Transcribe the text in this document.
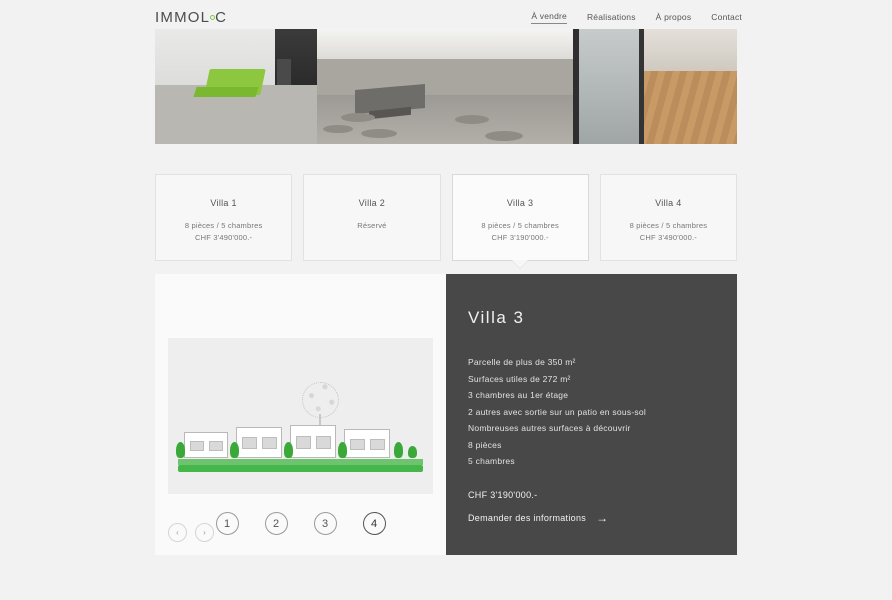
IMMOL C	À vendre Réalisations À propos Contact
Villa 1
8 pièces / 5 chambres
CHF 3'490'000.-
Villa 2
Réservé
Villa 3
8 pièces / 5 chambres
CHF 3'190'000.-
Villa 4
8 pièces / 5 chambres
CHF 3'490'000.-
1	2	3	4
‹	›
Villa 3
Parcelle de plus de 350 m²
Surfaces utiles de 272 m²
3 chambres au 1er étage
2 autres avec sortie sur un patio en sous-sol
Nombreuses autres surfaces à découvrir
8 pièces
5 chambres
CHF 3'190'000.-
Demander des informations →
